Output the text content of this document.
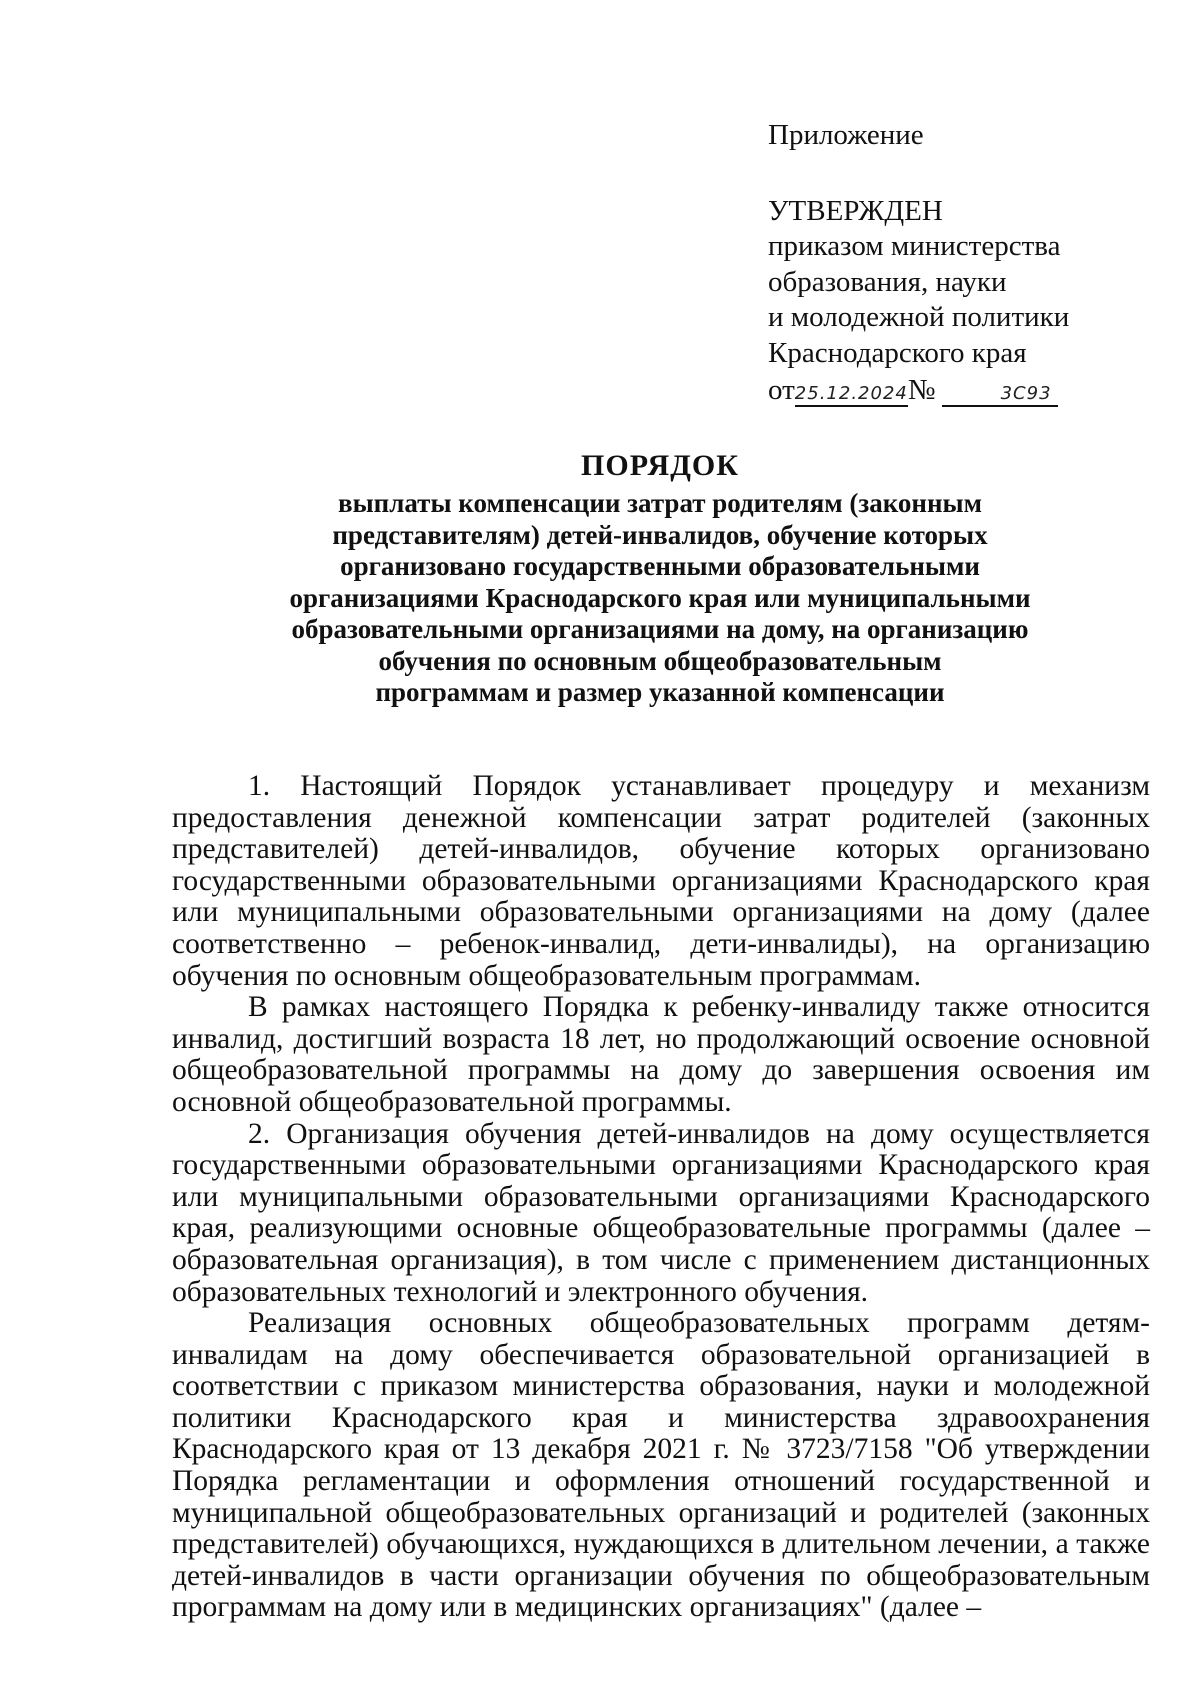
Приложение

УТВЕРЖДЕН

приказом министерства

образования, науки

и молодежной политики

Краснодарского края

от25.12.2024№	3C93

ПОРЯДОК

выплаты компенсации затрат родителям (законным
представителям) детей-инвалидов, обучение которых
организовано государственными образовательными
организациями Краснодарского края или муниципальными
образовательными организациями на дому, на организацию
обучения по основным общеобразовательным
программам и размер указанной компенсации

1. Настоящий Порядок устанавливает процедуру и механизм предоставления денежной компенсации затрат родителей (законных представителей) детей-инвалидов, обучение которых организовано государственными образовательными организациями Краснодарского края или муниципальными образовательными организациями на дому (далее соответственно – ребенок-инвалид, дети-инвалиды), на организацию обучения по основным общеобразовательным программам.

В рамках настоящего Порядка к ребенку-инвалиду также относится инвалид, достигший возраста 18 лет, но продолжающий освоение основной общеобразовательной программы на дому до завершения освоения им основной общеобразовательной программы.

2. Организация обучения детей-инвалидов на дому осуществляется государственными образовательными организациями Краснодарского края или муниципальными образовательными организациями Краснодарского края, реализующими основные общеобразовательные программы (далее – образовательная организация), в том числе с применением дистанционных образовательных технологий и электронного обучения.

Реализация основных общеобразовательных программ детям-инвалидам на дому обеспечивается образовательной организацией в соответствии с приказом министерства образования, науки и молодежной политики Краснодарского края и министерства здравоохранения Краснодарского края от 13 декабря 2021 г. № 3723/7158 "Об утверждении Порядка регламентации и оформления отношений государственной и муниципальной общеобразовательных организаций и родителей (законных представителей) обучающихся, нуждающихся в длительном лечении, а также детей-инвалидов в части организации обучения по общеобразовательным программам на дому или в медицинских организациях" (далее –
